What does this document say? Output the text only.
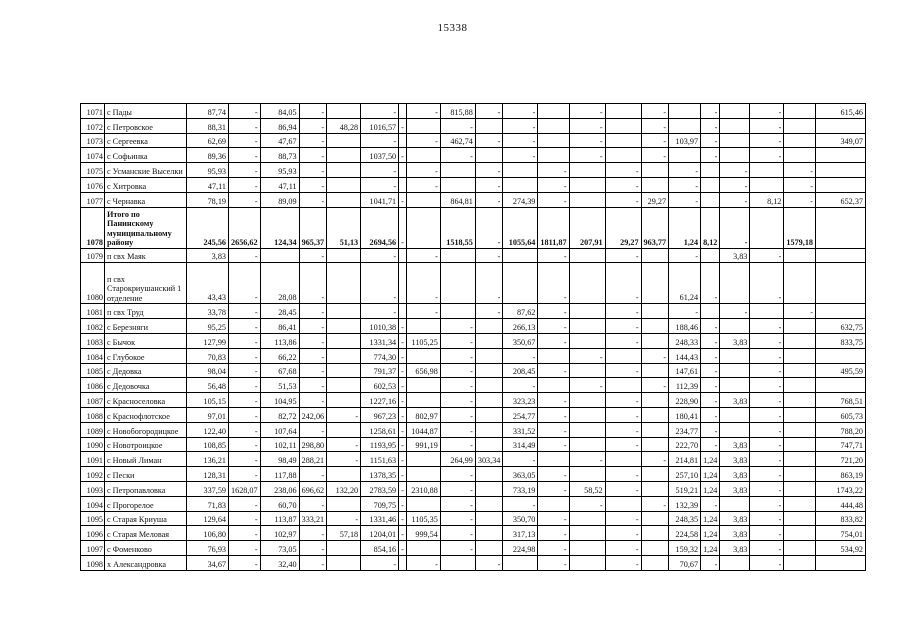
15338
1071	с Пады	87,74	-	84,05	-		-		-	815,88	-	-		-		-		-		-		615,46
1072	с Петровское	88,31	-	86,94	-	48,28	1016,57	-		-		-		-		-		-		-		
1073	с Сергеевка	62,69	-	47,67	-		-		-	462,74	-	-		-		-	103,97	-		-		349,07
1074	с Софьинка	89,36	-	88,73	-		1037,50	-		-		-		-		-		-		-		
1075	с Усманские Выселки	95,93	-	95,93	-		-		-		-		-		-		-		-		-	
1076	с Хитровка	47,11	-	47,11	-		-		-		-		-		-		-		-		-	
1077	с Чернавка	78,19	-	89,09	-		1041,71	-		864,81	-	274,39	-		-	29,27	-		-	8,12	-	652,37
1078	Итого по Панинскому муниципальному району	245,56	2656,62	124,34	965,37	51,13	2694,56	-		1518,55	-	1055,64	1811,87	207,91	29,27	963,77	1,24	8,12	-		1579,18	
1079	п свх Маяк	3,83	-		-		-		-		-		-		-		-		3,83	-		
1080	п свх Старокриушанский 1 отделение	43,43	-	28,08	-		-		-		-		-		-		61,24	-		-		
1081	п свх Труд	33,78	-	28,45	-		-		-		-	87,62	-		-		-		-		-	
1082	с Березняги	95,25	-	86,41	-		1010,38	-		-		266,13	-		-		188,46	-		-		632,75
1083	с Бычок	127,99	-	113,86	-		1331,34	-	1105,25	-		350,67	-		-		248,33	-	3,83	-		833,75
1084	с Глубокое	70,83	-	66,22	-		774,30	-		-		-		-		-	144,43	-		-		
1085	с Дедовка	98,04	-	67,68	-		791,37	-	656,98	-		208,45	-		-		147,61	-		-		495,59
1086	с Дедовочка	56,48	-	51,53	-		602,53	-		-		-		-		-	112,39	-		-		
1087	с Красноселовка	105,15	-	104,95	-		1227,16	-		-		323,23	-		-		228,90	-	3,83	-		768,51
1088	с Краснофлотское	97,01	-	82,72	242,06	-	967,23	-	802,97	-		254,77	-		-		180,41	-		-		605,73
1089	с Новобогородицкое	122,40	-	107,64	-		1258,61	-	1044,87	-		331,52	-		-		234,77	-		-		788,20
1090	с Новотроицкое	108,85	-	102,11	298,80	-	1193,95	-	991,19	-		314,49	-		-		222,70	-	3,83	-		747,71
1091	с Новый Лиман	136,21	-	98,49	288,21	-	1151,63	-		264,99	303,34	-		-		-	214,81	1,24	3,83	-		721,20
1092	с Пески	128,31	-	117,88	-		1378,35	-		-		363,05	-		-		257,10	1,24	3,83	-		863,19
1093	с Петропавловка	337,59	1628,07	238,06	696,62	132,20	2783,59	-	2310,88	-		733,19	-	58,52	-		519,21	1,24	3,83	-		1743,22
1094	с Прогорелое	71,83	-	60,70	-		709,75	-		-		-		-		-	132,39	-		-		444,48
1095	с Старая Криуша	129,64	-	113,87	333,21	-	1331,46	-	1105,35	-		350,70	-		-		248,35	1,24	3,83	-		833,82
1096	с Старая Меловая	106,80	-	102,97	-	57,18	1204,01	-	999,54	-		317,13	-		-		224,58	1,24	3,83	-		754,01
1097	с Фоменково	76,93	-	73,05	-		854,16	-		-		224,98	-		-		159,32	1,24	3,83	-		534,92
1098	х Александровка	34,67	-	32,40	-		-		-		-		-		-		70,67	-		-		
